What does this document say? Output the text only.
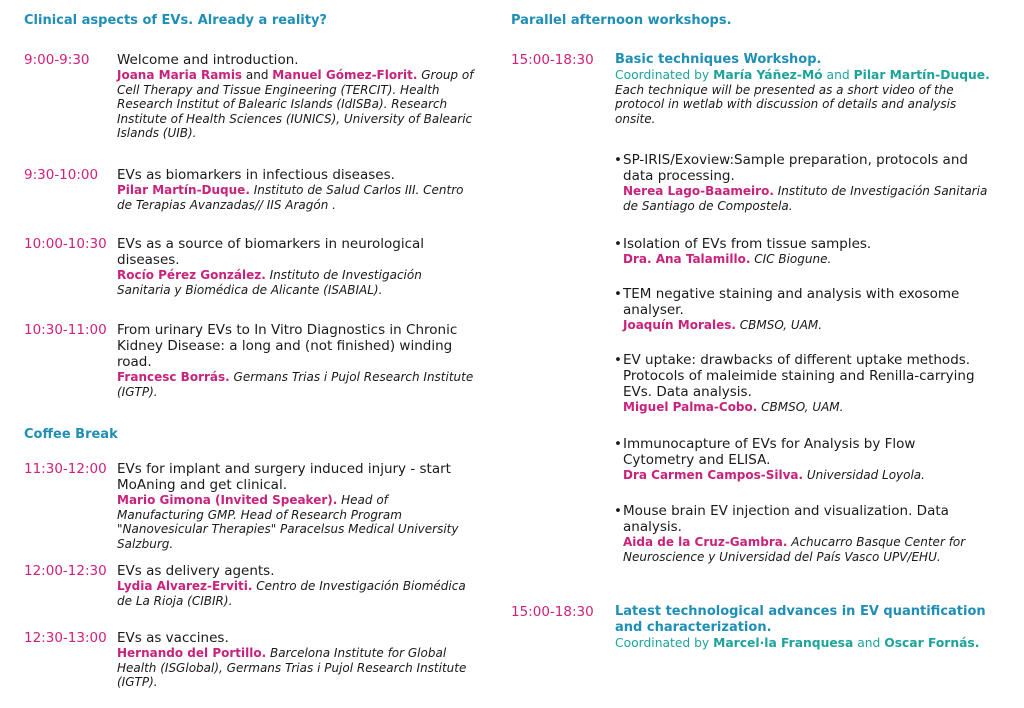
Clinical aspects of EVs. Already a reality?
9:00-9:30 Welcome and introduction.
Joana Maria Ramis and Manuel Gómez-Florit. Group of Cell Therapy and Tissue Engineering (TERCIT). Health Research Institut of Balearic Islands (IdISBa). Research Institute of Health Sciences (IUNICS), University of Balearic Islands (UIB).
9:30-10:00 EVs as biomarkers in infectious diseases.
Pilar Martín-Duque. Instituto de Salud Carlos III. Centro de Terapias Avanzadas// IIS Aragón .
10:00-10:30 EVs as a source of biomarkers in neurological diseases.
Rocío Pérez González. Instituto de Investigación Sanitaria y Biomédica de Alicante (ISABIAL).
10:30-11:00 From urinary EVs to In Vitro Diagnostics in Chronic Kidney Disease: a long and (not finished) winding road.
Francesc Borrás. Germans Trias i Pujol Research Institute (IGTP).
Coffee Break
11:30-12:00 EVs for implant and surgery induced injury - start MoAning and get clinical.
Mario Gimona (Invited Speaker). Head of Manufacturing GMP. Head of Research Program "Nanovesicular Therapies" Paracelsus Medical University Salzburg.
12:00-12:30 EVs as delivery agents.
Lydia Alvarez-Erviti. Centro de Investigación Biomédica de La Rioja (CIBIR).
12:30-13:00 EVs as vaccines.
Hernando del Portillo. Barcelona Institute for Global Health (ISGlobal), Germans Trias i Pujol Research Institute (IGTP).
Parallel afternoon workshops.
15:00-18:30 Basic techniques Workshop.
Coordinated by María Yáñez-Mó and Pilar Martín-Duque.
Each technique will be presented as a short video of the protocol in wetlab with discussion of details and analysis onsite.
• SP-IRIS/Exoview:Sample preparation, protocols and data processing.
Nerea Lago-Baameiro. Instituto de Investigación Sanitaria de Santiago de Compostela.
• Isolation of EVs from tissue samples.
Dra. Ana Talamillo. CIC Biogune.
• TEM negative staining and analysis with exosome analyser.
Joaquín Morales. CBMSO, UAM.
• EV uptake: drawbacks of different uptake methods. Protocols of maleimide staining and Renilla-carrying EVs. Data analysis.
Miguel Palma-Cobo. CBMSO, UAM.
• Immunocapture of EVs for Analysis by Flow Cytometry and ELISA.
Dra Carmen Campos-Silva. Universidad Loyola.
• Mouse brain EV injection and visualization. Data analysis.
Aida de la Cruz-Gambra. Achucarro Basque Center for Neuroscience y Universidad del País Vasco UPV/EHU.
15:00-18:30 Latest technological advances in EV quantification and characterization.
Coordinated by Marcel·la Franquesa and Oscar Fornás.
